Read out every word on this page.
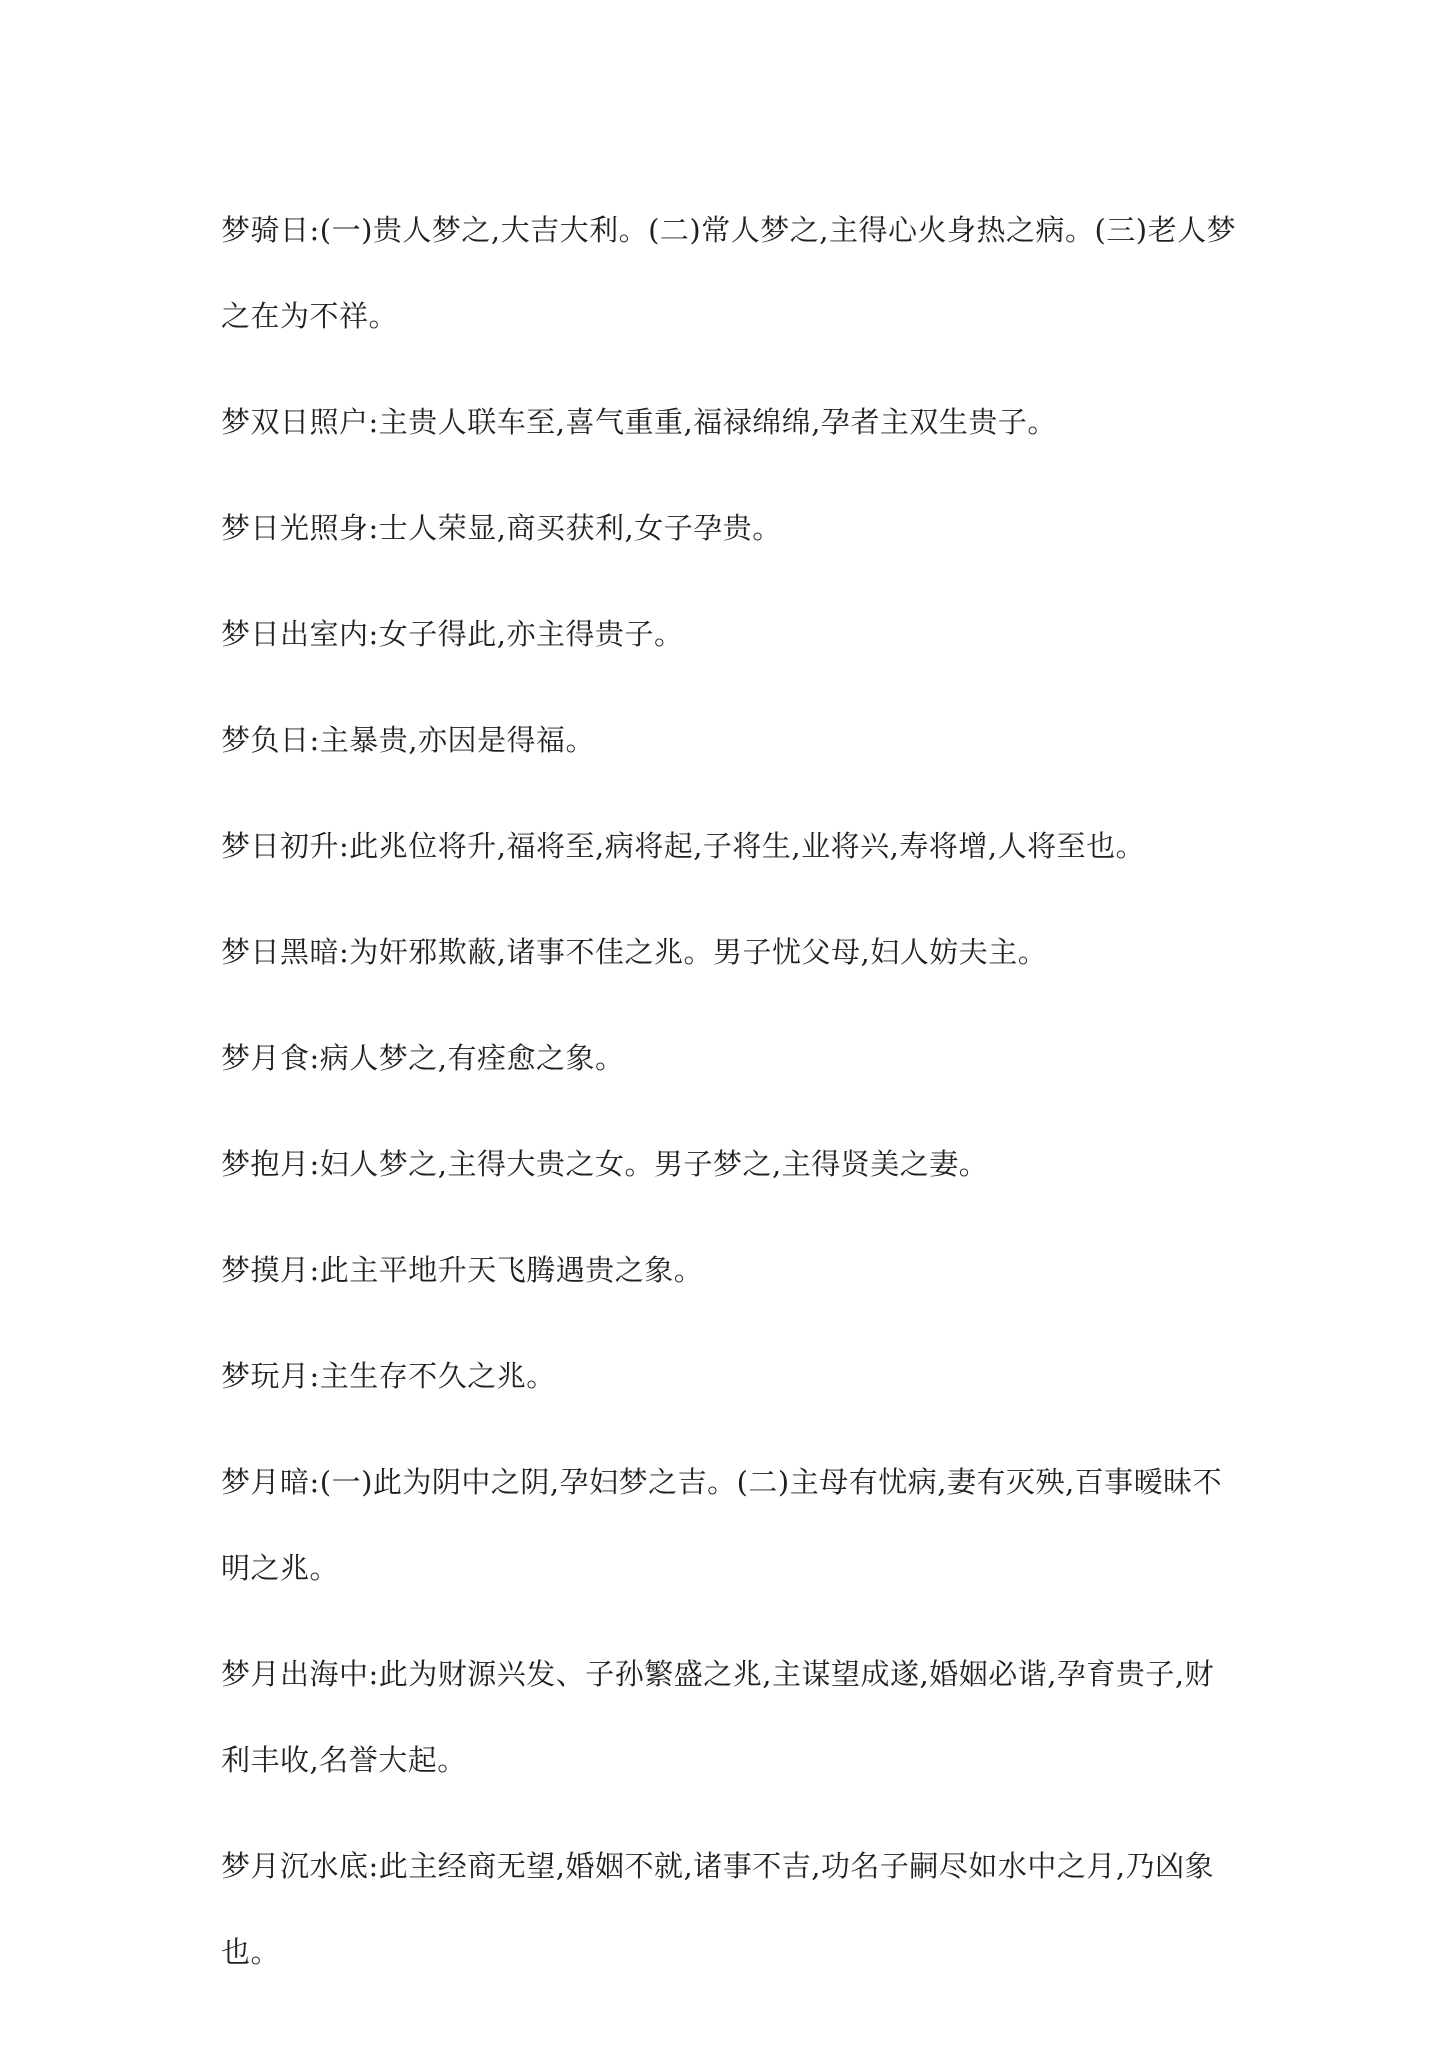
梦骑日:(一)贵人梦之,大吉大利。(二)常人梦之,主得心火身热之病。(三)老人梦之在为不祥。

梦双日照户:主贵人联车至,喜气重重,福禄绵绵,孕者主双生贵子。

梦日光照身:士人荣显,商买获利,女子孕贵。

梦日出室内:女子得此,亦主得贵子。

梦负日:主暴贵,亦因是得福。

梦日初升:此兆位将升,福将至,病将起,子将生,业将兴,寿将增,人将至也。

梦日黑暗:为奸邪欺蔽,诸事不佳之兆。男子忧父母,妇人妨夫主。

梦月食:病人梦之,有痊愈之象。

梦抱月:妇人梦之,主得大贵之女。男子梦之,主得贤美之妻。

梦摸月:此主平地升天飞腾遇贵之象。

梦玩月:主生存不久之兆。

梦月暗:(一)此为阴中之阴,孕妇梦之吉。(二)主母有忧病,妻有灭殃,百事暧昧不明之兆。

梦月出海中:此为财源兴发、子孙繁盛之兆,主谋望成遂,婚姻必谐,孕育贵子,财利丰收,名誉大起。

梦月沉水底:此主经商无望,婚姻不就,诸事不吉,功名子嗣尽如水中之月,乃凶象也。
